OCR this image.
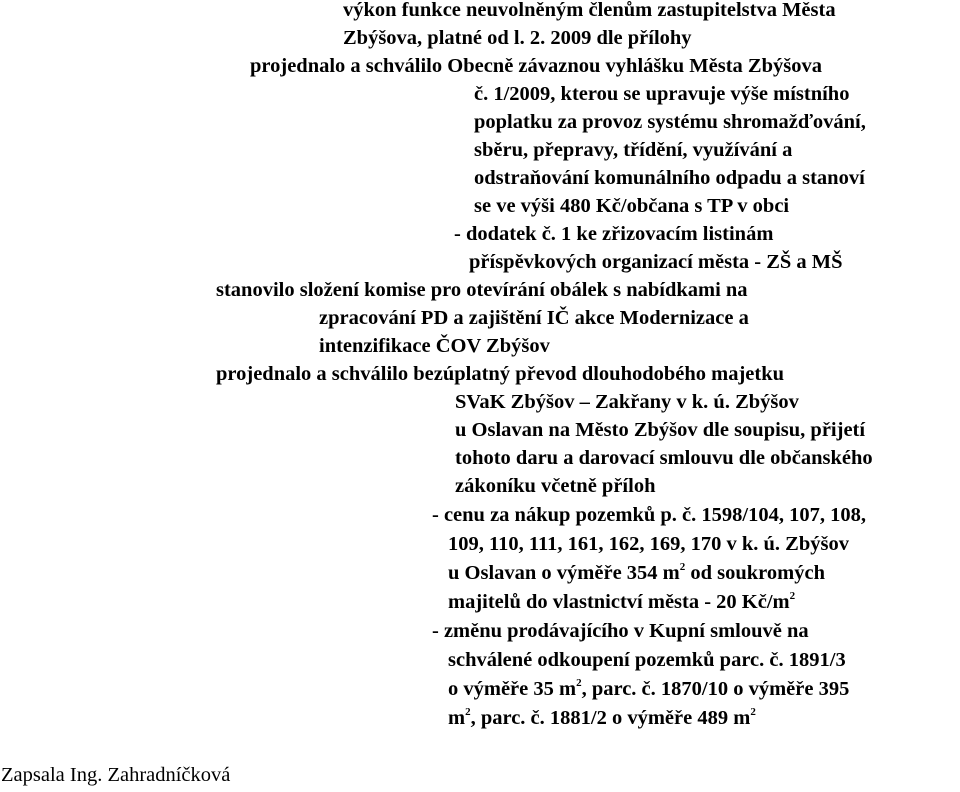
výkon funkce neuvolněným členům zastupitelstva Města
Zbýšova, platné od l. 2. 2009 dle přílohy
projednalo a schválilo Obecně závaznou vyhlášku Města Zbýšova
č. 1/2009, kterou se upravuje výše místního
poplatku za provoz systému shromažďování,
sběru, přepravy, třídění, využívání a
odstraňování komunálního odpadu a stanoví
se ve výši 480 Kč/občana s TP v obci
- dodatek č. 1 ke zřizovacím listinám
příspěvkových organizací města - ZŠ a MŠ
stanovilo složení komise pro otevírání obálek s nabídkami na
zpracování PD a zajištění IČ akce Modernizace a
intenzifikace ČOV Zbýšov
projednalo a schválilo bezúplatný převod dlouhodobého majetku
SVaK Zbýšov – Zakřany v k. ú. Zbýšov
u Oslavan na Město Zbýšov dle soupisu, přijetí
tohoto daru a darovací smlouvu dle občanského
zákoníku včetně příloh
- cenu za nákup pozemků p. č. 1598/104, 107, 108,
109, 110, 111, 161, 162, 169, 170 v k. ú. Zbýšov
u Oslavan o výměře 354 $m^2$ od soukromých
majitelů do vlastnictví města - 20 $Kč/m^2$
- změnu prodávajícího v Kupní smlouvě na
schválené odkoupení pozemků parc. č. 1891/3
o výměře 35 $m^2$, parc. č. 1870/10 o výměře 395
$m^2$, parc. č. 1881/2 o výměře 489 $m^2$
Zapsala Ing. Zahradníčková
